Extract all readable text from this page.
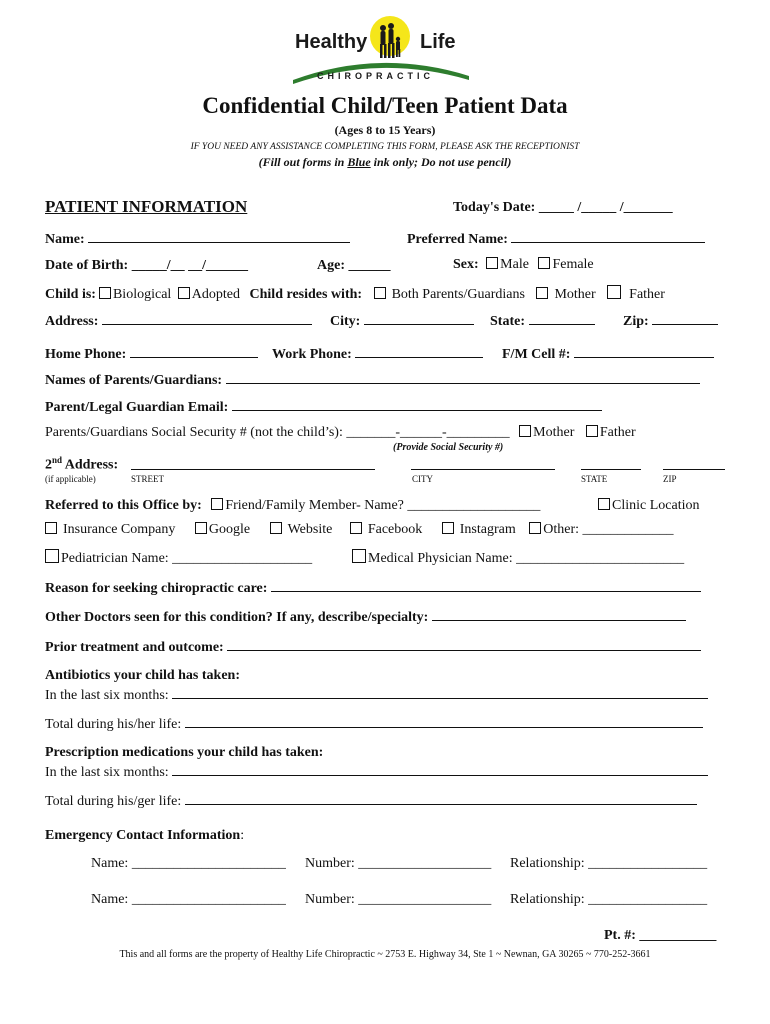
Healthy	Life
CHIROPRACTIC
Confidential Child/Teen Patient Data
(Ages 8 to 15 Years)
IF YOU NEED ANY ASSISTANCE COMPLETING THIS FORM, PLEASE ASK THE RECEPTIONIST
(Fill out forms in Blue ink only; Do not use pencil)
PATIENT INFORMATION	Today's Date: _____ /_____ /_______
Name:	Preferred Name:
Date of Birth: _____/__ __/______	Age: ______	Sex: Male Female
Child is: Biological Adopted Child resides with: Both Parents/Guardians Mother Father
Address:	City:	State:	Zip:
Home Phone:	Work Phone:	F/M Cell #:
Names of Parents/Guardians:
Parent/Legal Guardian Email:
Parents/Guardians Social Security # (not the child’s): _______-______-_________ Mother Father
(Provide Social Security #)
2nd Address:
(if applicable)	STREET	CITY	STATE	ZIP
Referred to this Office by: Friend/Family Member- Name? ___________________	Clinic Location
Insurance Company Google	Website	Facebook	Instagram Other: _____________
Pediatrician Name: ____________________	Medical Physician Name: ________________________
Reason for seeking chiropractic care:
Other Doctors seen for this condition? If any, describe/specialty:
Prior treatment and outcome:
Antibiotics your child has taken:
In the last six months:
Total during his/her life:
Prescription medications your child has taken:
In the last six months:
Total during his/ger life:
Emergency Contact Information:
Name: ______________________ Number: ___________________ Relationship: _________________
Name: ______________________ Number: ___________________ Relationship: _________________
Pt. #: ___________
This and all forms are the property of Healthy Life Chiropractic ~ 2753 E. Highway 34, Ste 1 ~ Newnan, GA 30265 ~ 770-252-3661
